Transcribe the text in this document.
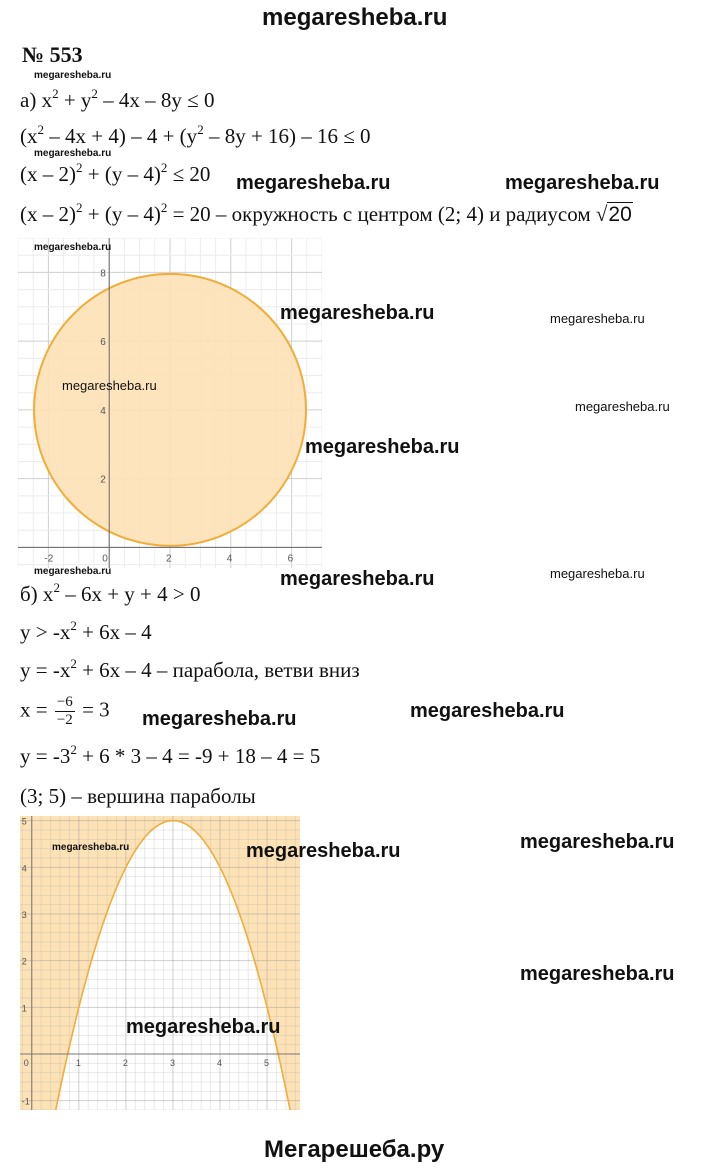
megaresheba.ru
№ 553
а) $x^2 + y^2 - 4x - 8y \le 0$
$(x^2 - 4x + 4) - 4 + (y^2 - 8y + 16) - 16 \le 0$
(x – 2)$^2$ + (y – 4)$^2$ ≤ 20
(x – 2)$^2$ + (y – 4)$^2$ = 20 – окружность с центром (2; 4) и радиусом √20
-2	0	2	4	6
2
4
6
8
б) $x^2 - 6x + y + 4 > 0$
$y > -x^2 + 6x - 4$
$y = -x^2 + 6x - 4$ – парабола, ветви вниз
$x = \frac{-6}{-2} = 3$
$y = -3^2 + 6 * 3 - 4 = -9 + 18 - 4 = 5$
(3; 5) – вершина параболы
0	1	2	3	4	5
-1
1
2
3
4
5
megaresheba.ru
megaresheba.ru
megaresheba.ru	megaresheba.ru
megaresheba.ru
megaresheba.ru	megaresheba.ru
megaresheba.ru
megaresheba.ru
megaresheba.ru
megaresheba.ru	megaresheba.ru	megaresheba.ru
megaresheba.ru	megaresheba.ru
megaresheba.ru
megaresheba.ru	megaresheba.ru
megaresheba.ru
megaresheba.ru
Мегарешеба.ру
